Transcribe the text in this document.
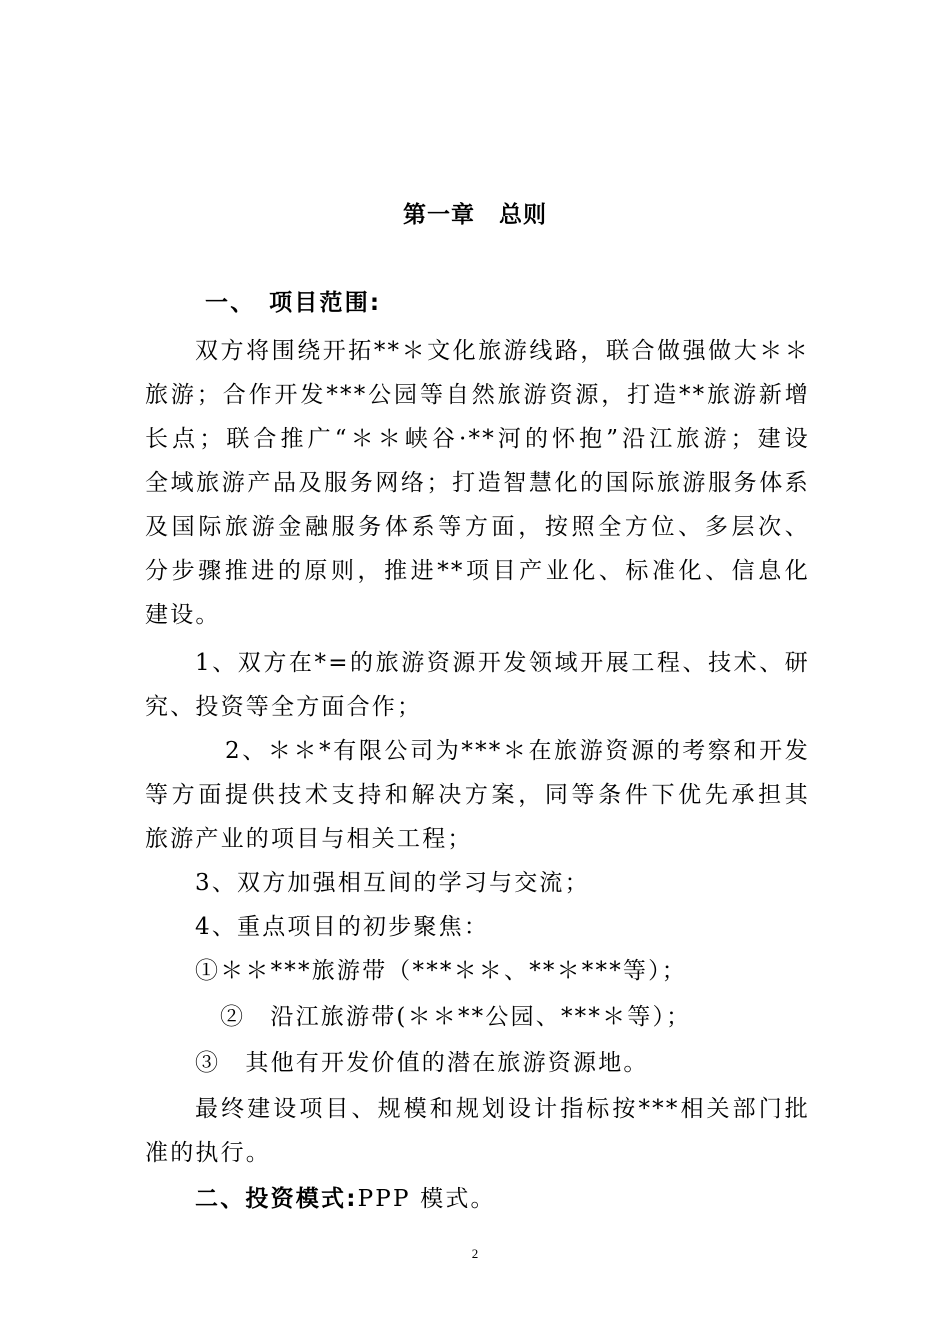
第一章　总则
一、　项目范围:
双方将围绕开拓**＊文化旅游线路，联合做强做大＊＊
旅游；合作开发***公园等自然旅游资源，打造**旅游新增
长点；联合推广“＊＊峡谷·**河的怀抱”沿江旅游；建设
全域旅游产品及服务网络；打造智慧化的国际旅游服务体系
及国际旅游金融服务体系等方面，按照全方位、多层次、
分步骤推进的原则，推进**项目产业化、标准化、信息化
建设。
1、双方在*=的旅游资源开发领域开展工程、技术、研
究、投资等全方面合作；
2、＊＊*有限公司为***＊在旅游资源的考察和开发
等方面提供技术支持和解决方案，同等条件下优先承担其
旅游产业的项目与相关工程；
3、双方加强相互间的学习与交流；
4、重点项目的初步聚焦：
①＊＊***旅游带（***＊＊、**＊***等）；
②　沿江旅游带(＊＊**公园、***＊等）；
③　其他有开发价值的潜在旅游资源地。
最终建设项目、规模和规划设计指标按***相关部门批
准的执行。
二、投资模式:PPP 模式。
2
